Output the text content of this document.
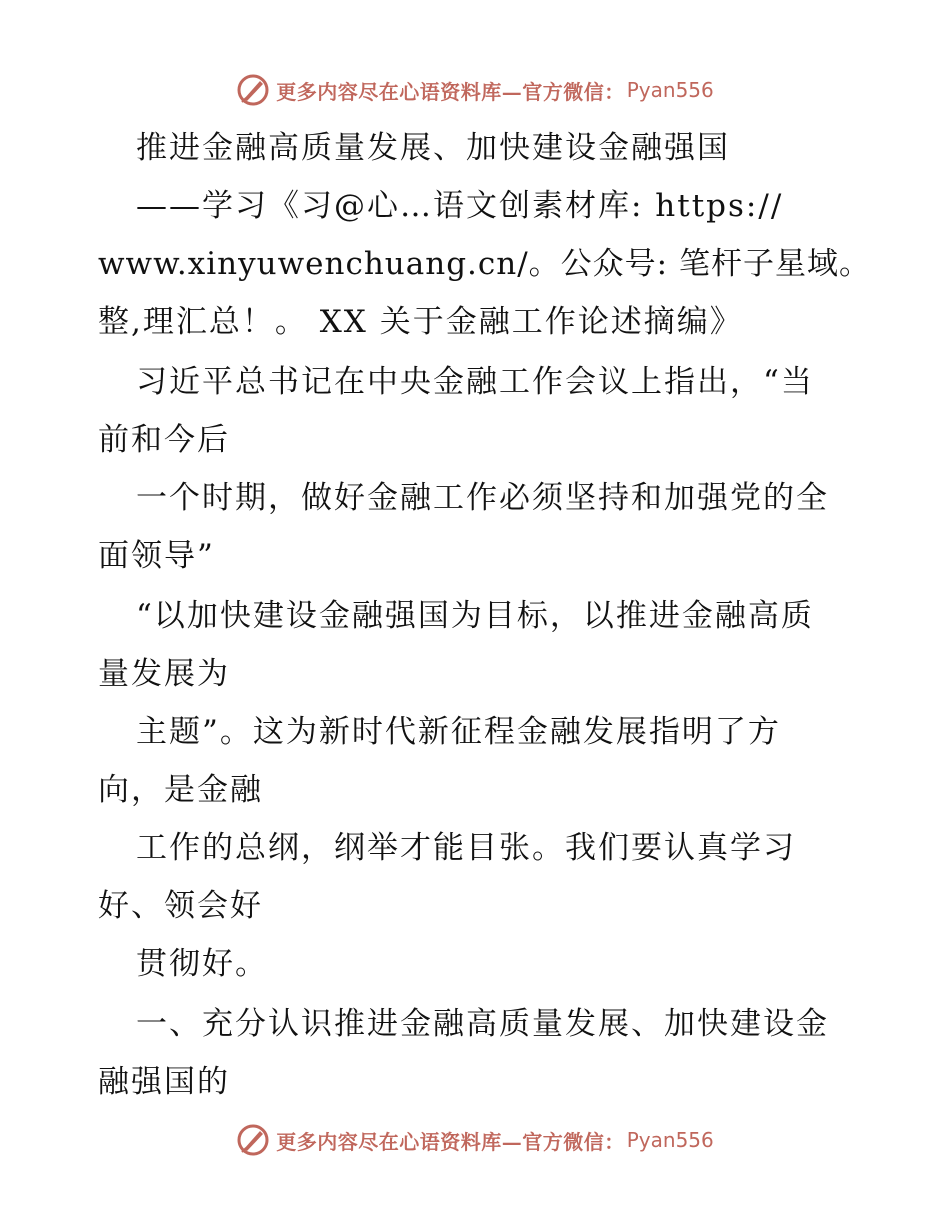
更多内容尽在心语资料库—官方微信： Pyan556
推进金融高质量发展、加快建设金融强国
——学习《习@心…语文创素材库: https://
www.xinyuwenchuang.cn/。公众号: 笔杆子星域。
整,理汇总！。 XX 关于金融工作论述摘编》
习近平总书记在中央金融工作会议上指出，“当
前和今后
一个时期，做好金融工作必须坚持和加强党的全
面领导”
“以加快建设金融强国为目标，以推进金融高质
量发展为
主题”。这为新时代新征程金融发展指明了方
向，是金融
工作的总纲，纲举才能目张。我们要认真学习
好、领会好
贯彻好。
一、充分认识推进金融高质量发展、加快建设金
融强国的
更多内容尽在心语资料库—官方微信： Pyan556
